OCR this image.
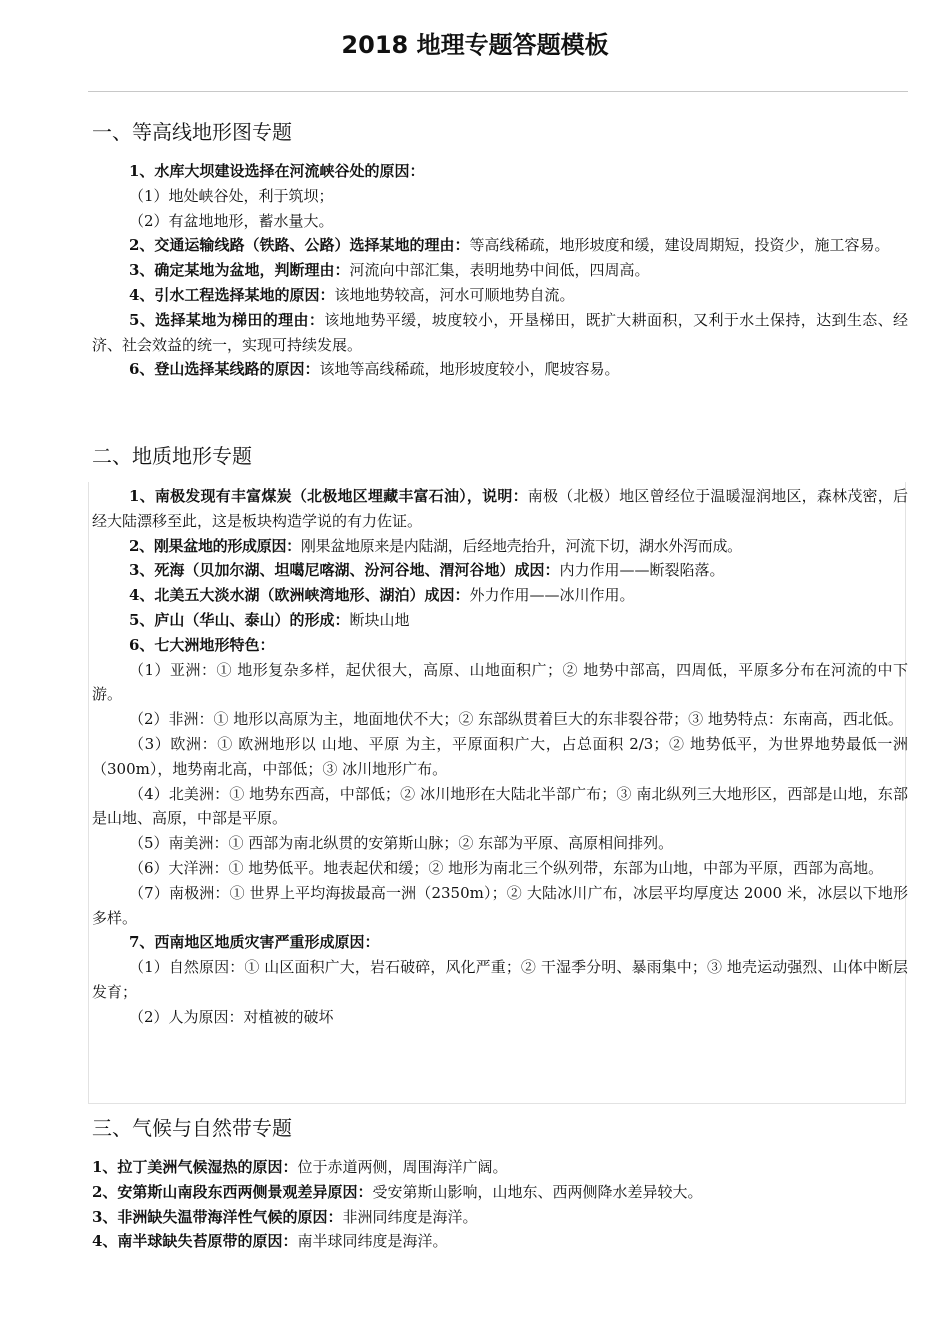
2018 地理专题答题模板
一、等高线地形图专题

1、水库大坝建设选择在河流峡谷处的原因：

（1）地处峡谷处，利于筑坝；

（2）有盆地地形，蓄水量大。

2、交通运输线路（铁路、公路）选择某地的理由：等高线稀疏，地形坡度和缓，建设周期短，投资少，施工容易。

3、确定某地为盆地，判断理由：河流向中部汇集，表明地势中间低，四周高。

4、引水工程选择某地的原因：该地地势较高，河水可顺地势自流。

5、选择某地为梯田的理由：该地地势平缓，坡度较小，开垦梯田，既扩大耕面积，又利于水土保持，达到生态、经济、社会效益的统一，实现可持续发展。

6、登山选择某线路的原因：该地等高线稀疏，地形坡度较小，爬坡容易。

二、地质地形专题

1、南极发现有丰富煤炭（北极地区埋藏丰富石油），说明：南极（北极）地区曾经位于温暖湿润地区，森林茂密，后经大陆漂移至此，这是板块构造学说的有力佐证。

2、刚果盆地的形成原因：刚果盆地原来是内陆湖，后经地壳抬升，河流下切，湖水外泻而成。

3、死海（贝加尔湖、坦噶尼喀湖、汾河谷地、渭河谷地）成因：内力作用——断裂陷落。

4、北美五大淡水湖（欧洲峡湾地形、湖泊）成因：外力作用——冰川作用。

5、庐山（华山、泰山）的形成：断块山地

6、七大洲地形特色：

（1）亚洲：① 地形复杂多样，起伏很大，高原、山地面积广；② 地势中部高，四周低，平原多分布在河流的中下游。

（2）非洲：① 地形以高原为主，地面地伏不大；② 东部纵贯着巨大的东非裂谷带；③ 地势特点：东南高，西北低。

（3）欧洲：① 欧洲地形以 山地、平原 为主，平原面积广大，占总面积 2/3；② 地势低平，为世界地势最低一洲（300m），地势南北高，中部低；③ 冰川地形广布。

（4）北美洲：① 地势东西高，中部低；② 冰川地形在大陆北半部广布；③ 南北纵列三大地形区，西部是山地，东部是山地、高原，中部是平原。

（5）南美洲：① 西部为南北纵贯的安第斯山脉；② 东部为平原、高原相间排列。

（6）大洋洲：① 地势低平。地表起伏和缓；② 地形为南北三个纵列带，东部为山地，中部为平原，西部为高地。

（7）南极洲：① 世界上平均海拔最高一洲（2350m）；② 大陆冰川广布，冰层平均厚度达 2000 米，冰层以下地形多样。

7、西南地区地质灾害严重形成原因：

（1）自然原因：① 山区面积广大，岩石破碎，风化严重；② 干湿季分明、暴雨集中；③ 地壳运动强烈、山体中断层发育；

（2）人为原因：对植被的破坏

三、气候与自然带专题

1、拉丁美洲气候湿热的原因：位于赤道两侧，周围海洋广阔。

2、安第斯山南段东西两侧景观差异原因：受安第斯山影响，山地东、西两侧降水差异较大。

3、非洲缺失温带海洋性气候的原因：非洲同纬度是海洋。

4、南半球缺失苔原带的原因：南半球同纬度是海洋。
